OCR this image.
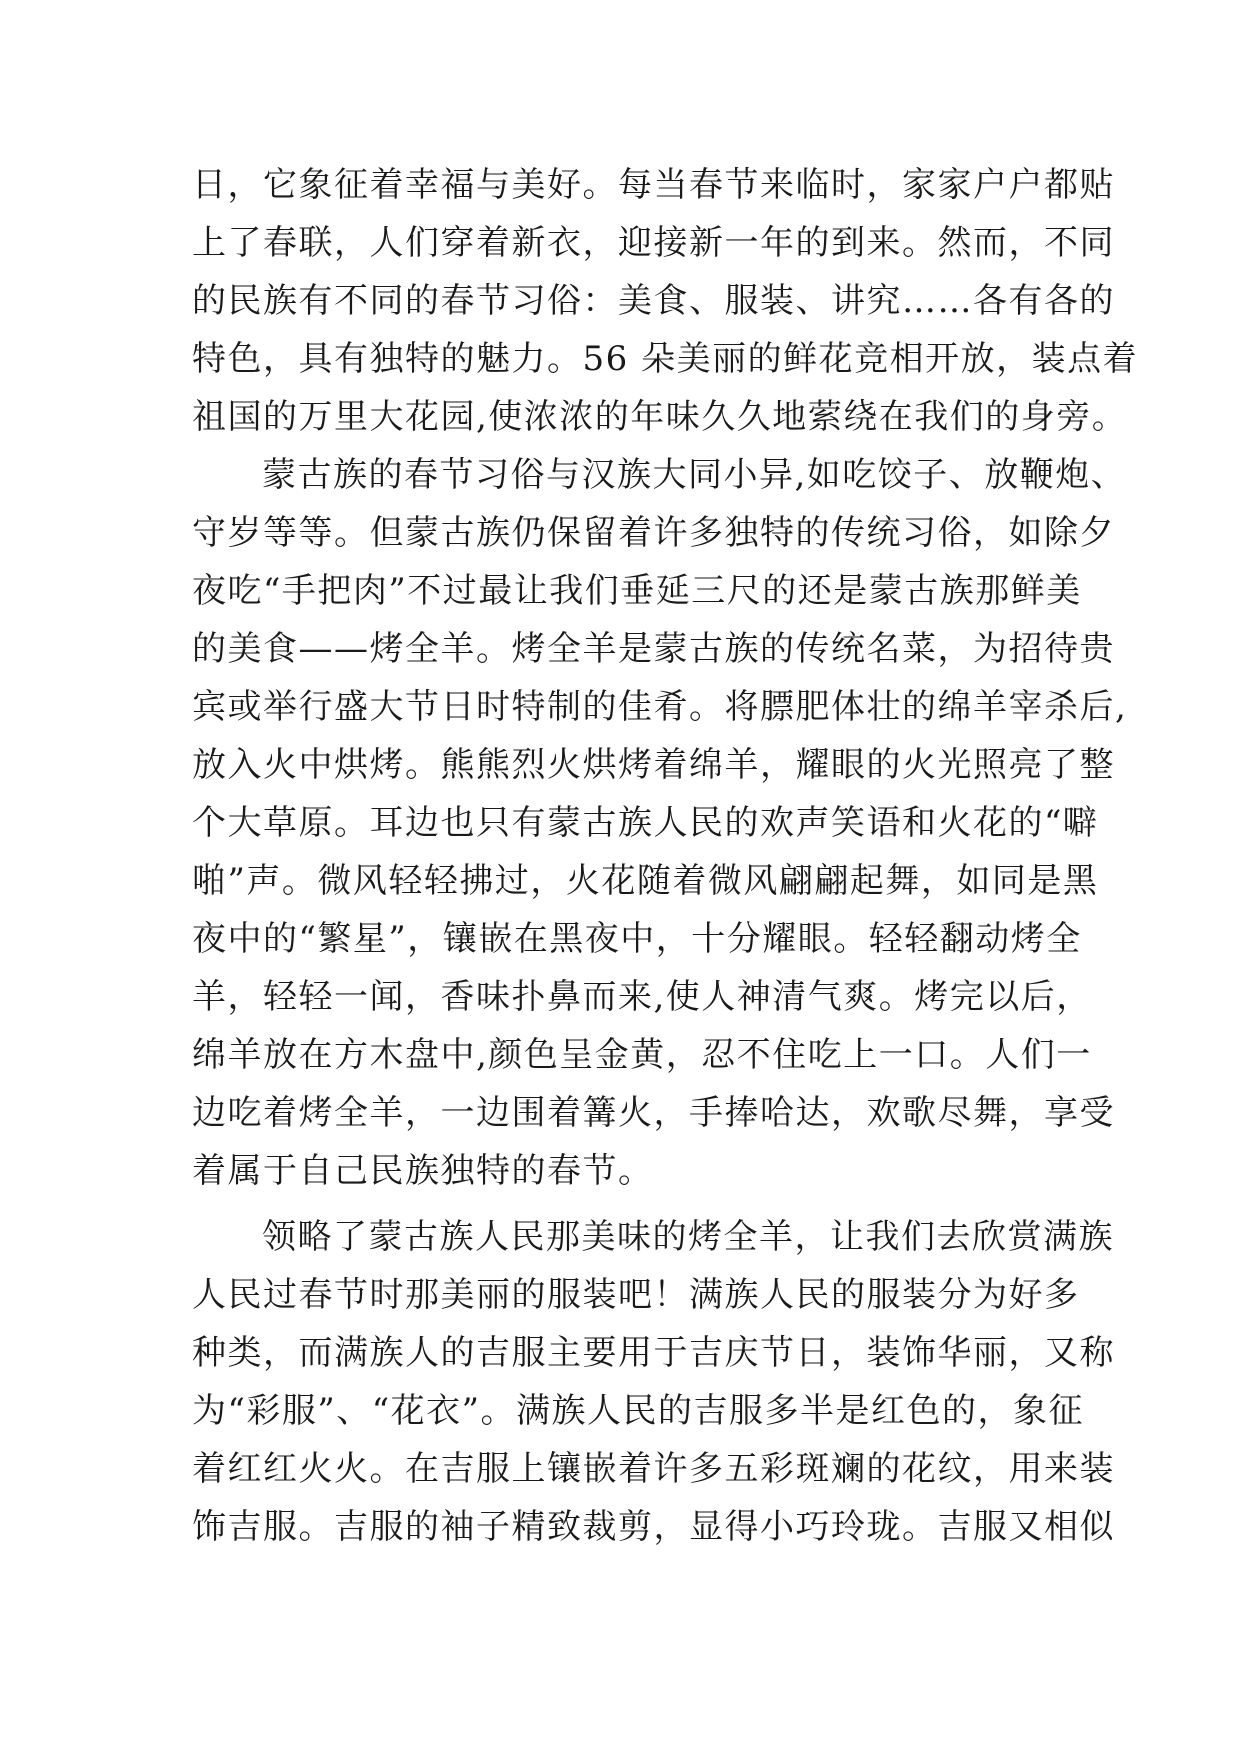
日，它象征着幸福与美好。每当春节来临时，家家户户都贴
上了春联，人们穿着新衣，迎接新一年的到来。然而，不同
的民族有不同的春节习俗：美食、服装、讲究……各有各的
特色，具有独特的魅力。56 朵美丽的鲜花竞相开放，装点着
祖国的万里大花园,使浓浓的年味久久地萦绕在我们的身旁。
蒙古族的春节习俗与汉族大同小异,如吃饺子、放鞭炮、
守岁等等。但蒙古族仍保留着许多独特的传统习俗，如除夕
夜吃“手把肉”不过最让我们垂延三尺的还是蒙古族那鲜美
的美食——烤全羊。烤全羊是蒙古族的传统名菜，为招待贵
宾或举行盛大节日时特制的佳肴。将膘肥体壮的绵羊宰杀后,
放入火中烘烤。熊熊烈火烘烤着绵羊，耀眼的火光照亮了整
个大草原。耳边也只有蒙古族人民的欢声笑语和火花的“噼
啪”声。微风轻轻拂过，火花随着微风翩翩起舞，如同是黑
夜中的“繁星”，镶嵌在黑夜中，十分耀眼。轻轻翻动烤全
羊，轻轻一闻，香味扑鼻而来,使人神清气爽。烤完以后，
绵羊放在方木盘中,颜色呈金黄，忍不住吃上一口。人们一
边吃着烤全羊，一边围着篝火，手捧哈达，欢歌尽舞，享受
着属于自己民族独特的春节。
领略了蒙古族人民那美味的烤全羊，让我们去欣赏满族
人民过春节时那美丽的服装吧！满族人民的服装分为好多
种类，而满族人的吉服主要用于吉庆节日，装饰华丽，又称
为“彩服”、“花衣”。满族人民的吉服多半是红色的，象征
着红红火火。在吉服上镶嵌着许多五彩斑斓的花纹，用来装
饰吉服。吉服的袖子精致裁剪，显得小巧玲珑。吉服又相似
